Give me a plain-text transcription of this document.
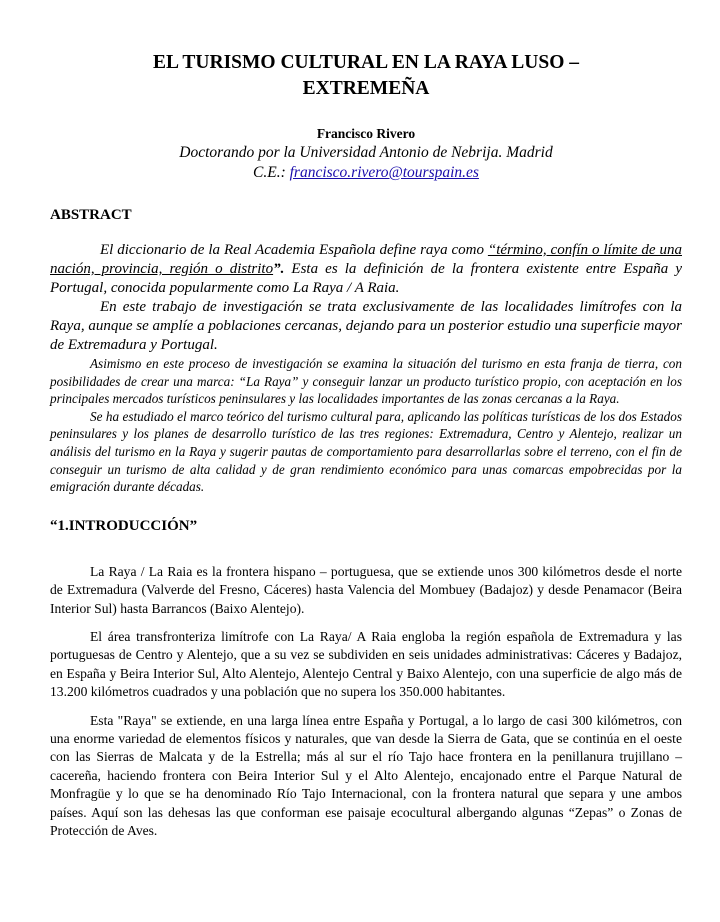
EL TURISMO CULTURAL EN LA RAYA LUSO –
EXTREMEÑA
Francisco Rivero
Doctorando por la Universidad Antonio de Nebrija. Madrid
C.E.: francisco.rivero@tourspain.es
ABSTRACT

El diccionario de la Real Academia Española define raya como “término, confín o límite de una nación, provincia, región o distrito”. Esta es la definición de la frontera existente entre España y Portugal, conocida popularmente como La Raya / A Raia.

En este trabajo de investigación se trata exclusivamente de las localidades limítrofes con la Raya, aunque se amplíe a poblaciones cercanas, dejando para un posterior estudio una superficie mayor de Extremadura y Portugal.

Asimismo en este proceso de investigación se examina la situación del turismo en esta franja de tierra, con posibilidades de crear una marca: “La Raya” y conseguir lanzar un producto turístico propio, con aceptación en los principales mercados turísticos peninsulares y las localidades importantes de las zonas cercanas a la Raya.

Se ha estudiado el marco teórico del turismo cultural para, aplicando las políticas turísticas de los dos Estados peninsulares y los planes de desarrollo turístico de las tres regiones: Extremadura, Centro y Alentejo, realizar un análisis del turismo en la Raya y sugerir pautas de comportamiento para desarrollarlas sobre el terreno, con el fin de conseguir un turismo de alta calidad y de gran rendimiento económico para unas comarcas empobrecidas por la emigración durante décadas.

“1.INTRODUCCIÓN”

La Raya / La Raia es la frontera hispano – portuguesa, que se extiende unos 300 kilómetros desde el norte de Extremadura (Valverde del Fresno, Cáceres) hasta Valencia del Mombuey (Badajoz) y desde Penamacor (Beira Interior Sul) hasta Barrancos (Baixo Alentejo).

El área transfronteriza limítrofe con La Raya/ A Raia engloba la región española de Extremadura y las portuguesas de Centro y Alentejo, que a su vez se subdividen en seis unidades administrativas: Cáceres y Badajoz, en España y Beira Interior Sul, Alto Alentejo, Alentejo Central y Baixo Alentejo, con una superficie de algo más de 13.200 kilómetros cuadrados y una población que no supera los 350.000 habitantes.

Esta "Raya" se extiende, en una larga línea entre España y Portugal, a lo largo de casi 300 kilómetros, con una enorme variedad de elementos físicos y naturales, que van desde la Sierra de Gata, que se continúa en el oeste con las Sierras de Malcata y de la Estrella; más al sur el río Tajo hace frontera en la penillanura trujillano – cacereña, haciendo frontera con Beira Interior Sul y el Alto Alentejo, encajonado entre el Parque Natural de Monfragüe y lo que se ha denominado Río Tajo Internacional, con la frontera natural que separa y une ambos países. Aquí son las dehesas las que conforman ese paisaje ecocultural albergando algunas “Zepas” o Zonas de Protección de Aves.
